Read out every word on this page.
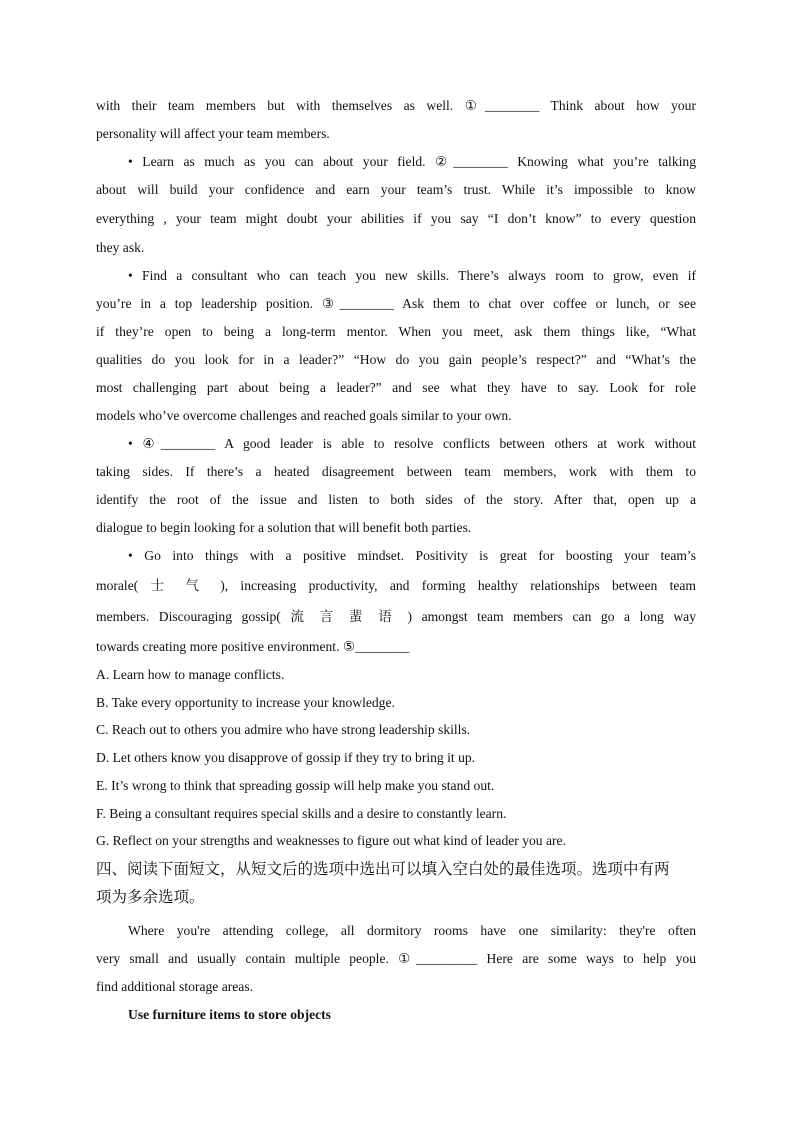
with their team members but with themselves as well. ①________ Think about how your
personality will affect your team members.
• Learn as much as you can about your field. ②________ Knowing what you’re talking
about will build your confidence and earn your team’s trust. While it’s impossible to know
everything , your team might doubt your abilities if you say “I don’t know” to every question
they ask.
• Find a consultant who can teach you new skills. There’s always room to grow, even if
you’re in a top leadership position. ③________ Ask them to chat over coffee or lunch, or see
if they’re open to being a long-term mentor. When you meet, ask them things like, “What
qualities do you look for in a leader?” “How do you gain people’s respect?” and “What’s the
most challenging part about being a leader?” and see what they have to say. Look for role
models who’ve overcome challenges and reached goals similar to your own.
• ④________ A good leader is able to resolve conflicts between others at work without
taking sides. If there’s a heated disagreement between team members, work with them to
identify the root of the issue and listen to both sides of the story. After that, open up a
dialogue to begin looking for a solution that will benefit both parties.
• Go into things with a positive mindset. Positivity is great for boosting your team’s
morale( 士 气 ), increasing productivity, and forming healthy relationships between team
members. Discouraging gossip( 流 言 蜚 语 ) amongst team members can go a long way
towards creating more positive environment. ⑤________
A. Learn how to manage conflicts.
B. Take every opportunity to increase your knowledge.
C. Reach out to others you admire who have strong leadership skills.
D. Let others know you disapprove of gossip if they try to bring it up.
E. It’s wrong to think that spreading gossip will help make you stand out.
F. Being a consultant requires special skills and a desire to constantly learn.
G. Reflect on your strengths and weaknesses to figure out what kind of leader you are.
四、阅读下面短文，从短文后的选项中选出可以填入空白处的最佳选项。选项中有两
项为多余选项。
Where you're attending college, all dormitory rooms have one similarity: they're often
very small and usually contain multiple people. ①_________ Here are some ways to help you
find additional storage areas.
Use furniture items to store objects
